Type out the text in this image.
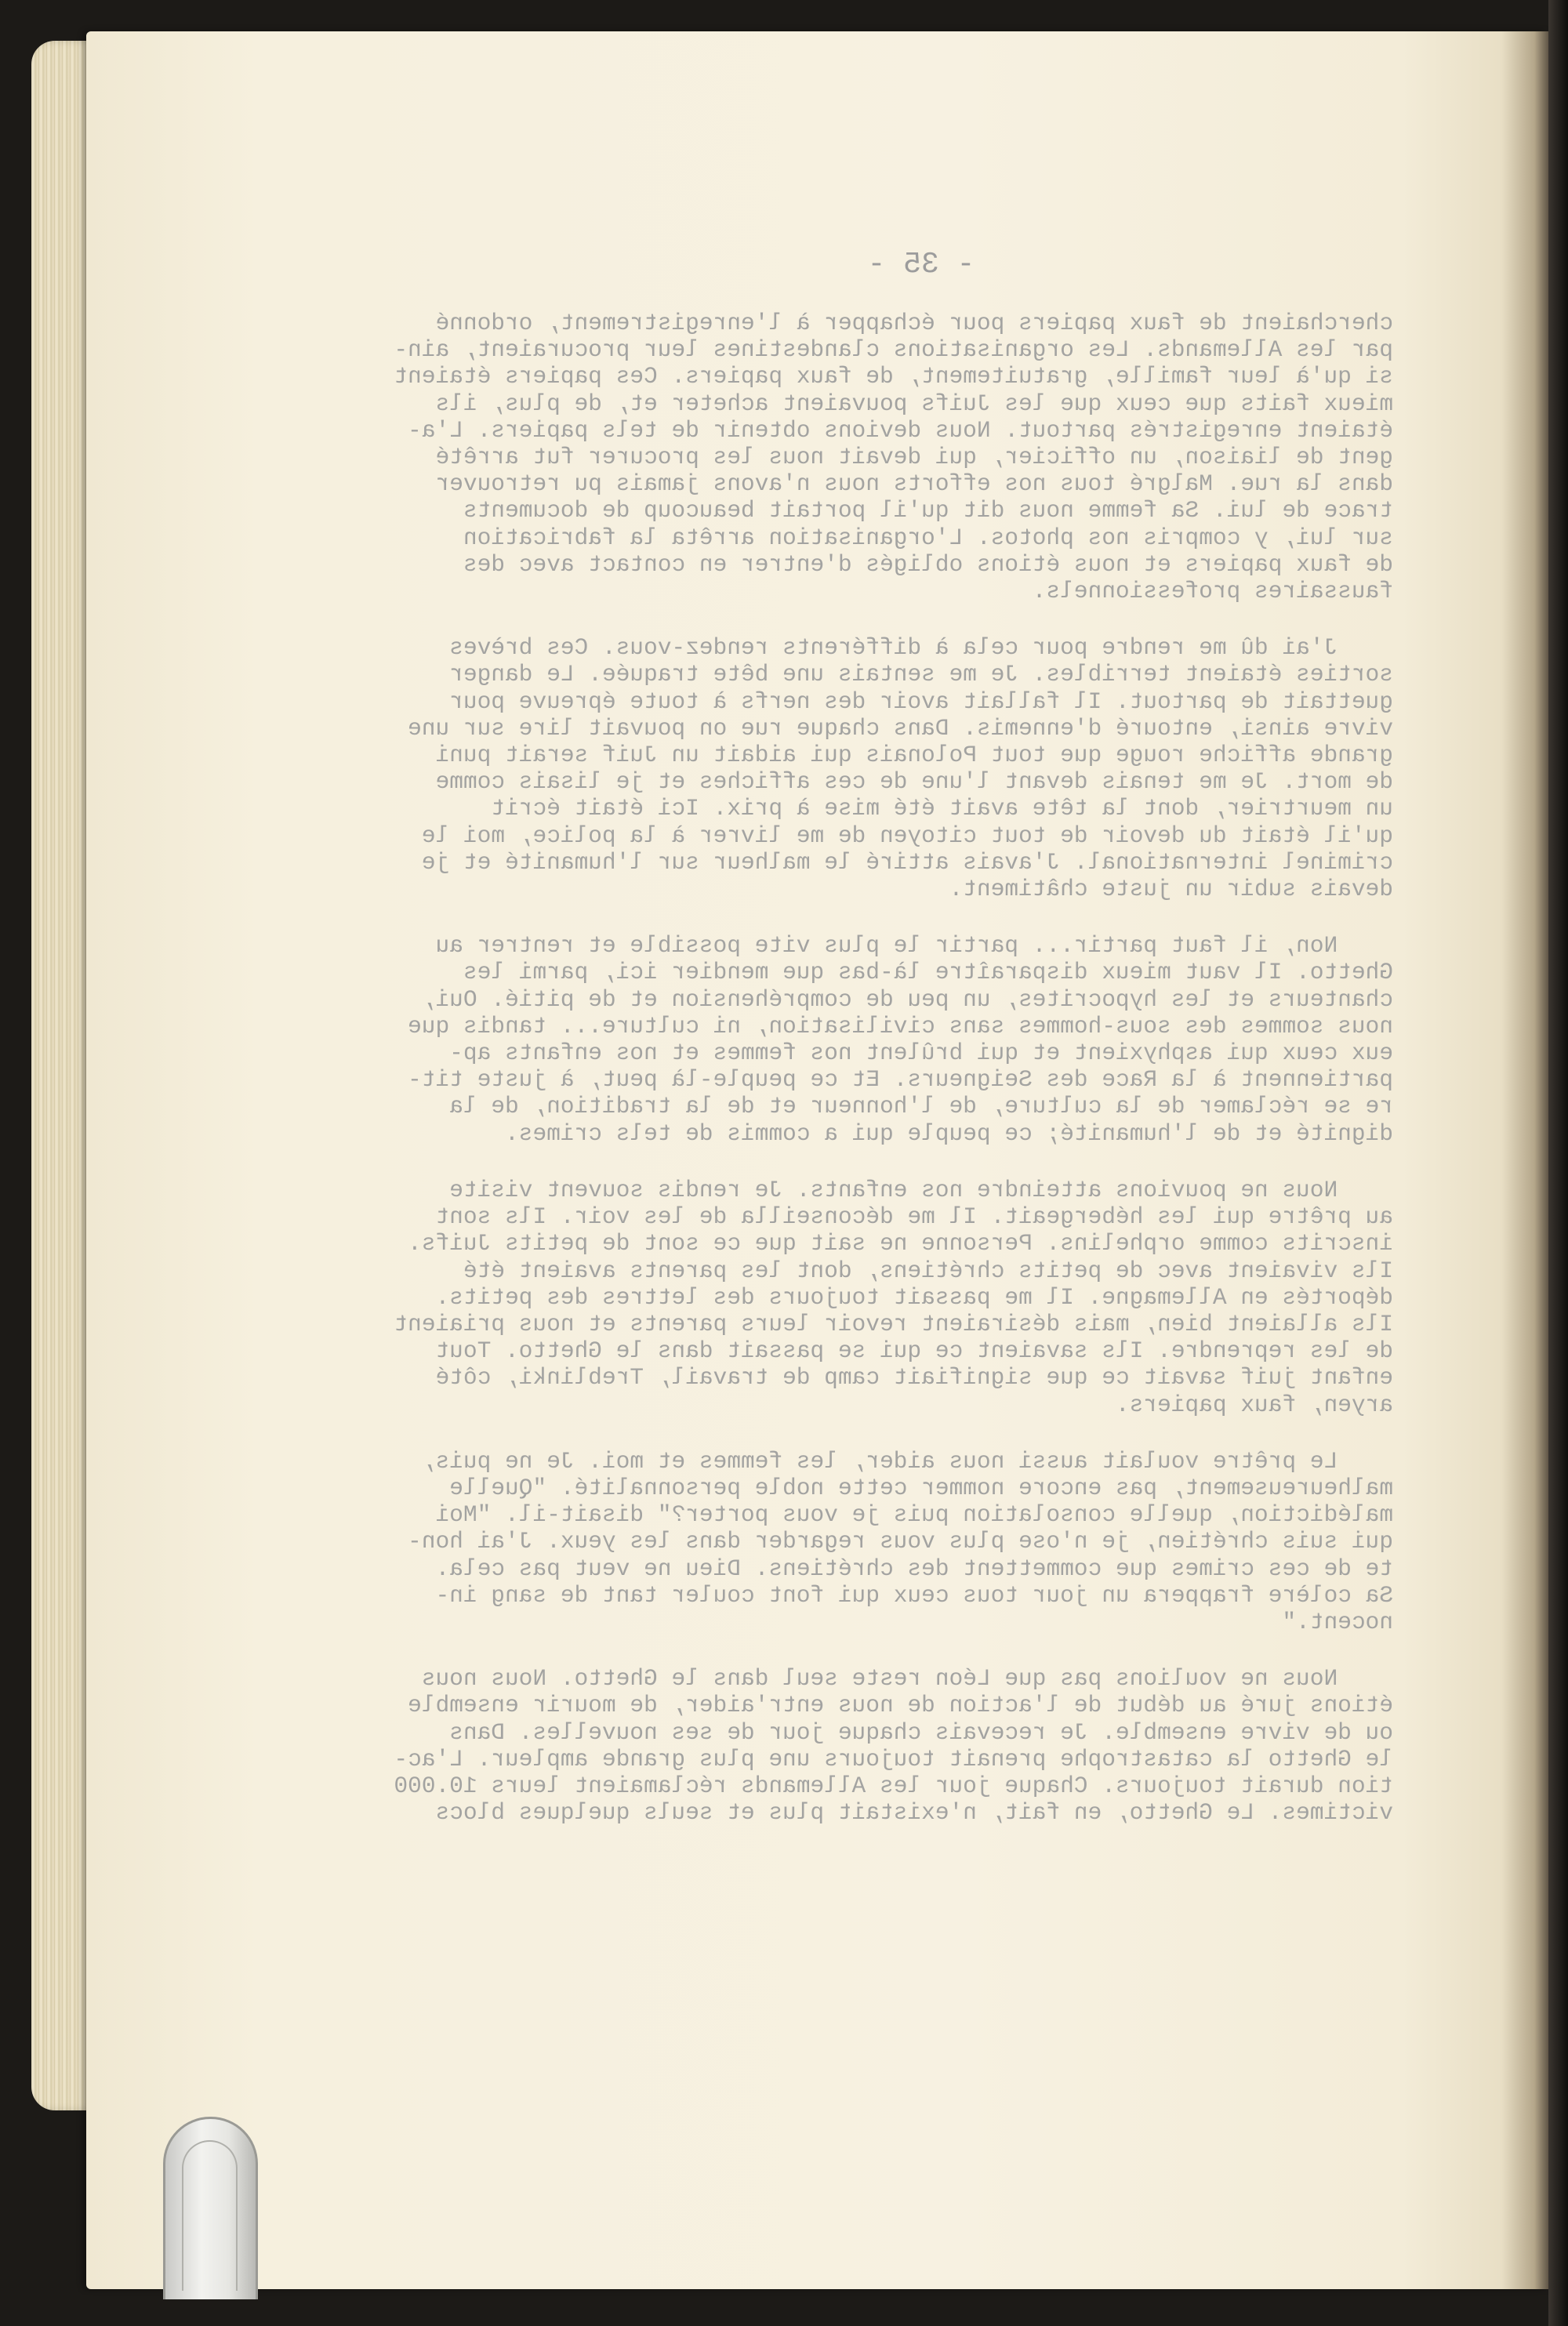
- 35 -
cherchaient de faux papiers pour échapper à l'enregistrement, ordonné
par les Allemands. Les organisations clandestines leur procuraient, ain-
si qu'à leur famille, gratuitement, de faux papiers. Ces papiers étaient
mieux faits que ceux que les Juifs pouvaient acheter et, de plus, ils
étaient enregistrés partout. Nous devions obtenir de tels papiers. L'a-
gent de liaison, un officier, qui devait nous les procurer fut arrêté
dans la rue. Malgré tous nos efforts nous n'avons jamais pu retrouver
trace de lui. Sa femme nous dit qu'il portait beaucoup de documents
sur lui, y compris nos photos. L'organisation arrêta la fabrication
de faux papiers et nous étions obligés d'entrer en contact avec des
faussaires professionnels.
J'ai dû me rendre pour cela à différents rendez-vous. Ces brèves
sorties étaient terribles. Je me sentais une bête traquée. Le danger
guettait de partout. Il fallait avoir des nerfs à toute épreuve pour
vivre ainsi, entouré d'ennemis. Dans chaque rue on pouvait lire sur une
grande affiche rouge que tout Polonais qui aidait un Juif serait puni
de mort. Je me tenais devant l'une de ces affiches et je lisais comme
un meurtrier, dont la tête avait été mise à prix. Ici était écrit
qu'il était du devoir de tout citoyen de me livrer à la police, moi le
criminel international. J'avais attiré le malheur sur l'humanité et je
devais subir un juste châtiment.
Non, il faut partir... partir le plus vite possible et rentrer au
Ghetto. Il vaut mieux disparaître là-bas que mendier ici, parmi les
chanteurs et les hypocrites, un peu de compréhension et de pitié. Oui,
nous sommes des sous-hommes sans civilisation, ni culture... tandis que
eux ceux qui asphyxient et qui brûlent nos femmes et nos enfants ap-
partiennent à la Race des Seigneurs. Et ce peuple-là peut, à juste tit-
re se réclamer de la culture, de l'honneur et de la tradition, de la
dignité et de l'humanité; ce peuple qui a commis de tels crimes.
Nous ne pouvions atteindre nos enfants. Je rendis souvent visite
au prêtre qui les hébergeait. Il me déconseilla de les voir. Ils sont
inscrits comme orphelins. Personne ne sait que ce sont de petits Juifs.
Ils vivaient avec de petits chrétiens, dont les parents avaient été
déportés en Allemagne. Il me passait toujours des lettres des petits.
Ils allaient bien, mais désiraient revoir leurs parents et nous priaient
de les reprendre. Ils savaient ce qui se passait dans le Ghetto. Tout
enfant juif savait ce que signifiait camp de travail, Treblinki, côté
aryen, faux papiers.
Le prêtre voulait aussi nous aider, les femmes et moi. Je ne puis,
malheureusement, pas encore nommer cette noble personnalité. "Quelle
malédiction, quelle consolation puis je vous porter?" disait-il. "Moi
qui suis chrétien, je n'ose plus vous regarder dans les yeux. J'ai hon-
te de ces crimes que commettent des chrétiens. Dieu ne veut pas cela.
Sa colère frappera un jour tous ceux qui font couler tant de sang in-
nocent."
Nous ne voulions pas que Léon reste seul dans le Ghetto. Nous nous
étions juré au début de l'action de nous entr'aider, de mourir ensemble
ou de vivre ensemble. Je recevais chaque jour de ses nouvelles. Dans
le Ghetto la catastrophe prenait toujours une plus grande ampleur. L'ac-
tion durait toujours. Chaque jour les Allemands réclamaient leurs 10.000
victimes. Le Ghetto, en fait, n'existait plus et seuls quelques blocs
